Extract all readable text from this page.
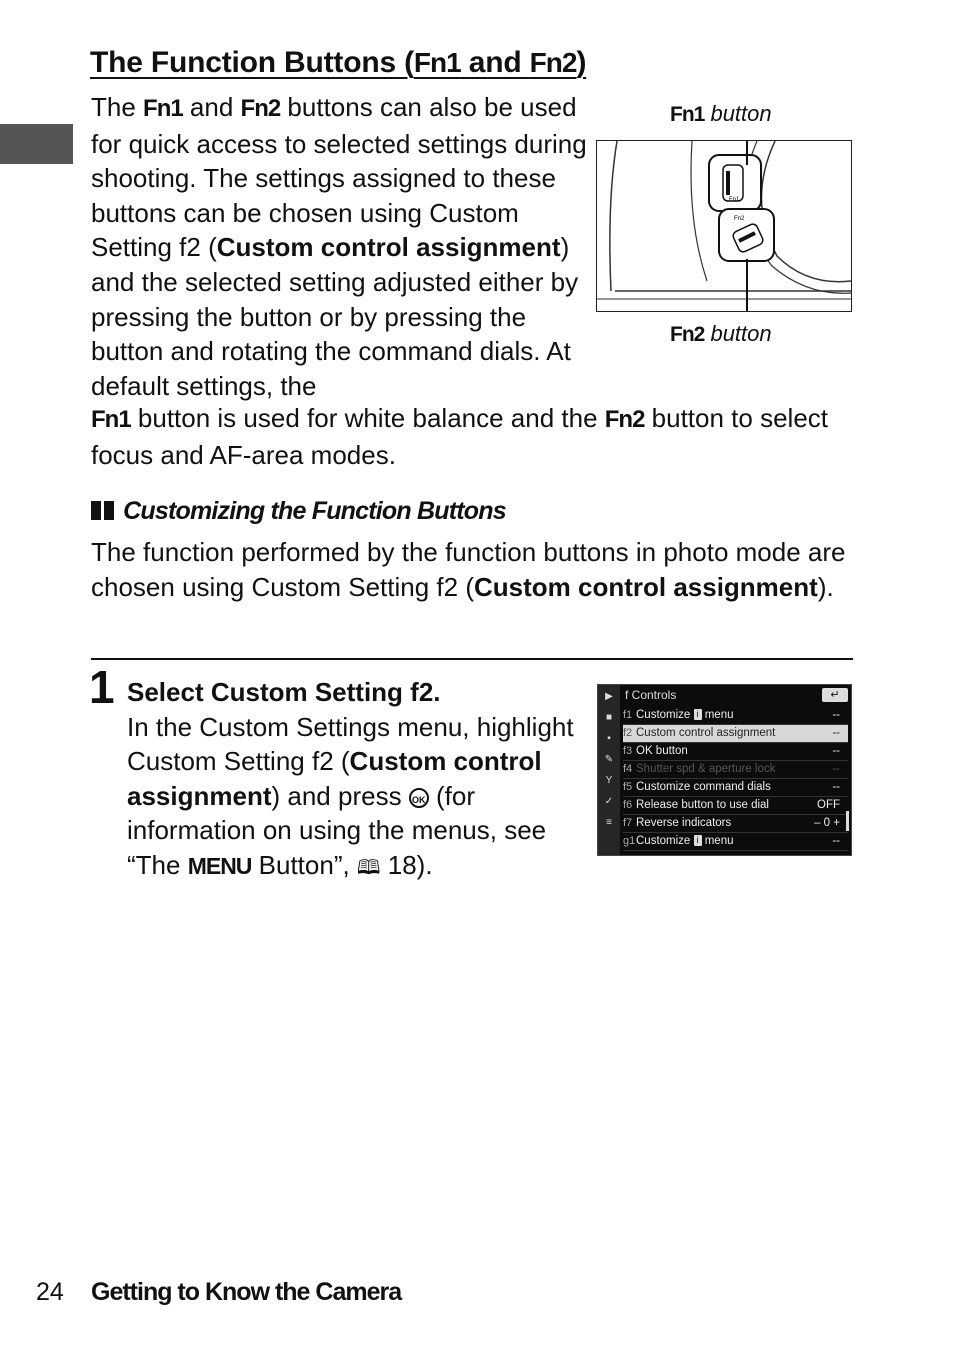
The Function Buttons (Fn1 and Fn2)
The Fn1 and Fn2 buttons can also be used for quick access to selected settings during shooting. The settings assigned to these buttons can be chosen using Custom Setting f2 (Custom control assignment) and the selected setting adjusted either by pressing the button or by pressing the button and rotating the command dials. At default settings, the
Fn1 button is used for white balance and the Fn2 button to select focus and AF-area modes.
Fn1 button
Fn1
Fn2
Fn2 button
Customizing the Function Buttons
The function performed by the function buttons in photo mode are chosen using Custom Setting f2 (Custom control assignment).
1 Select Custom Setting f2.
In the Custom Settings menu, highlight Custom Setting f2 (Custom control assignment) and press OK (for information on using the menus, see “The MENU Button”, 🕮 18).
▶
■
▪
✎
Y
✓
≡
f Controls	↵
f1 Customize i menu	--
f2 Custom control assignment	--
f3 OK button	--
f4 Shutter spd & aperture lock	--
f5 Customize command dials	--
f6 Release button to use dial	OFF
f7 Reverse indicators	– 0 +
g1Customize i menu	--
24 Getting to Know the Camera
